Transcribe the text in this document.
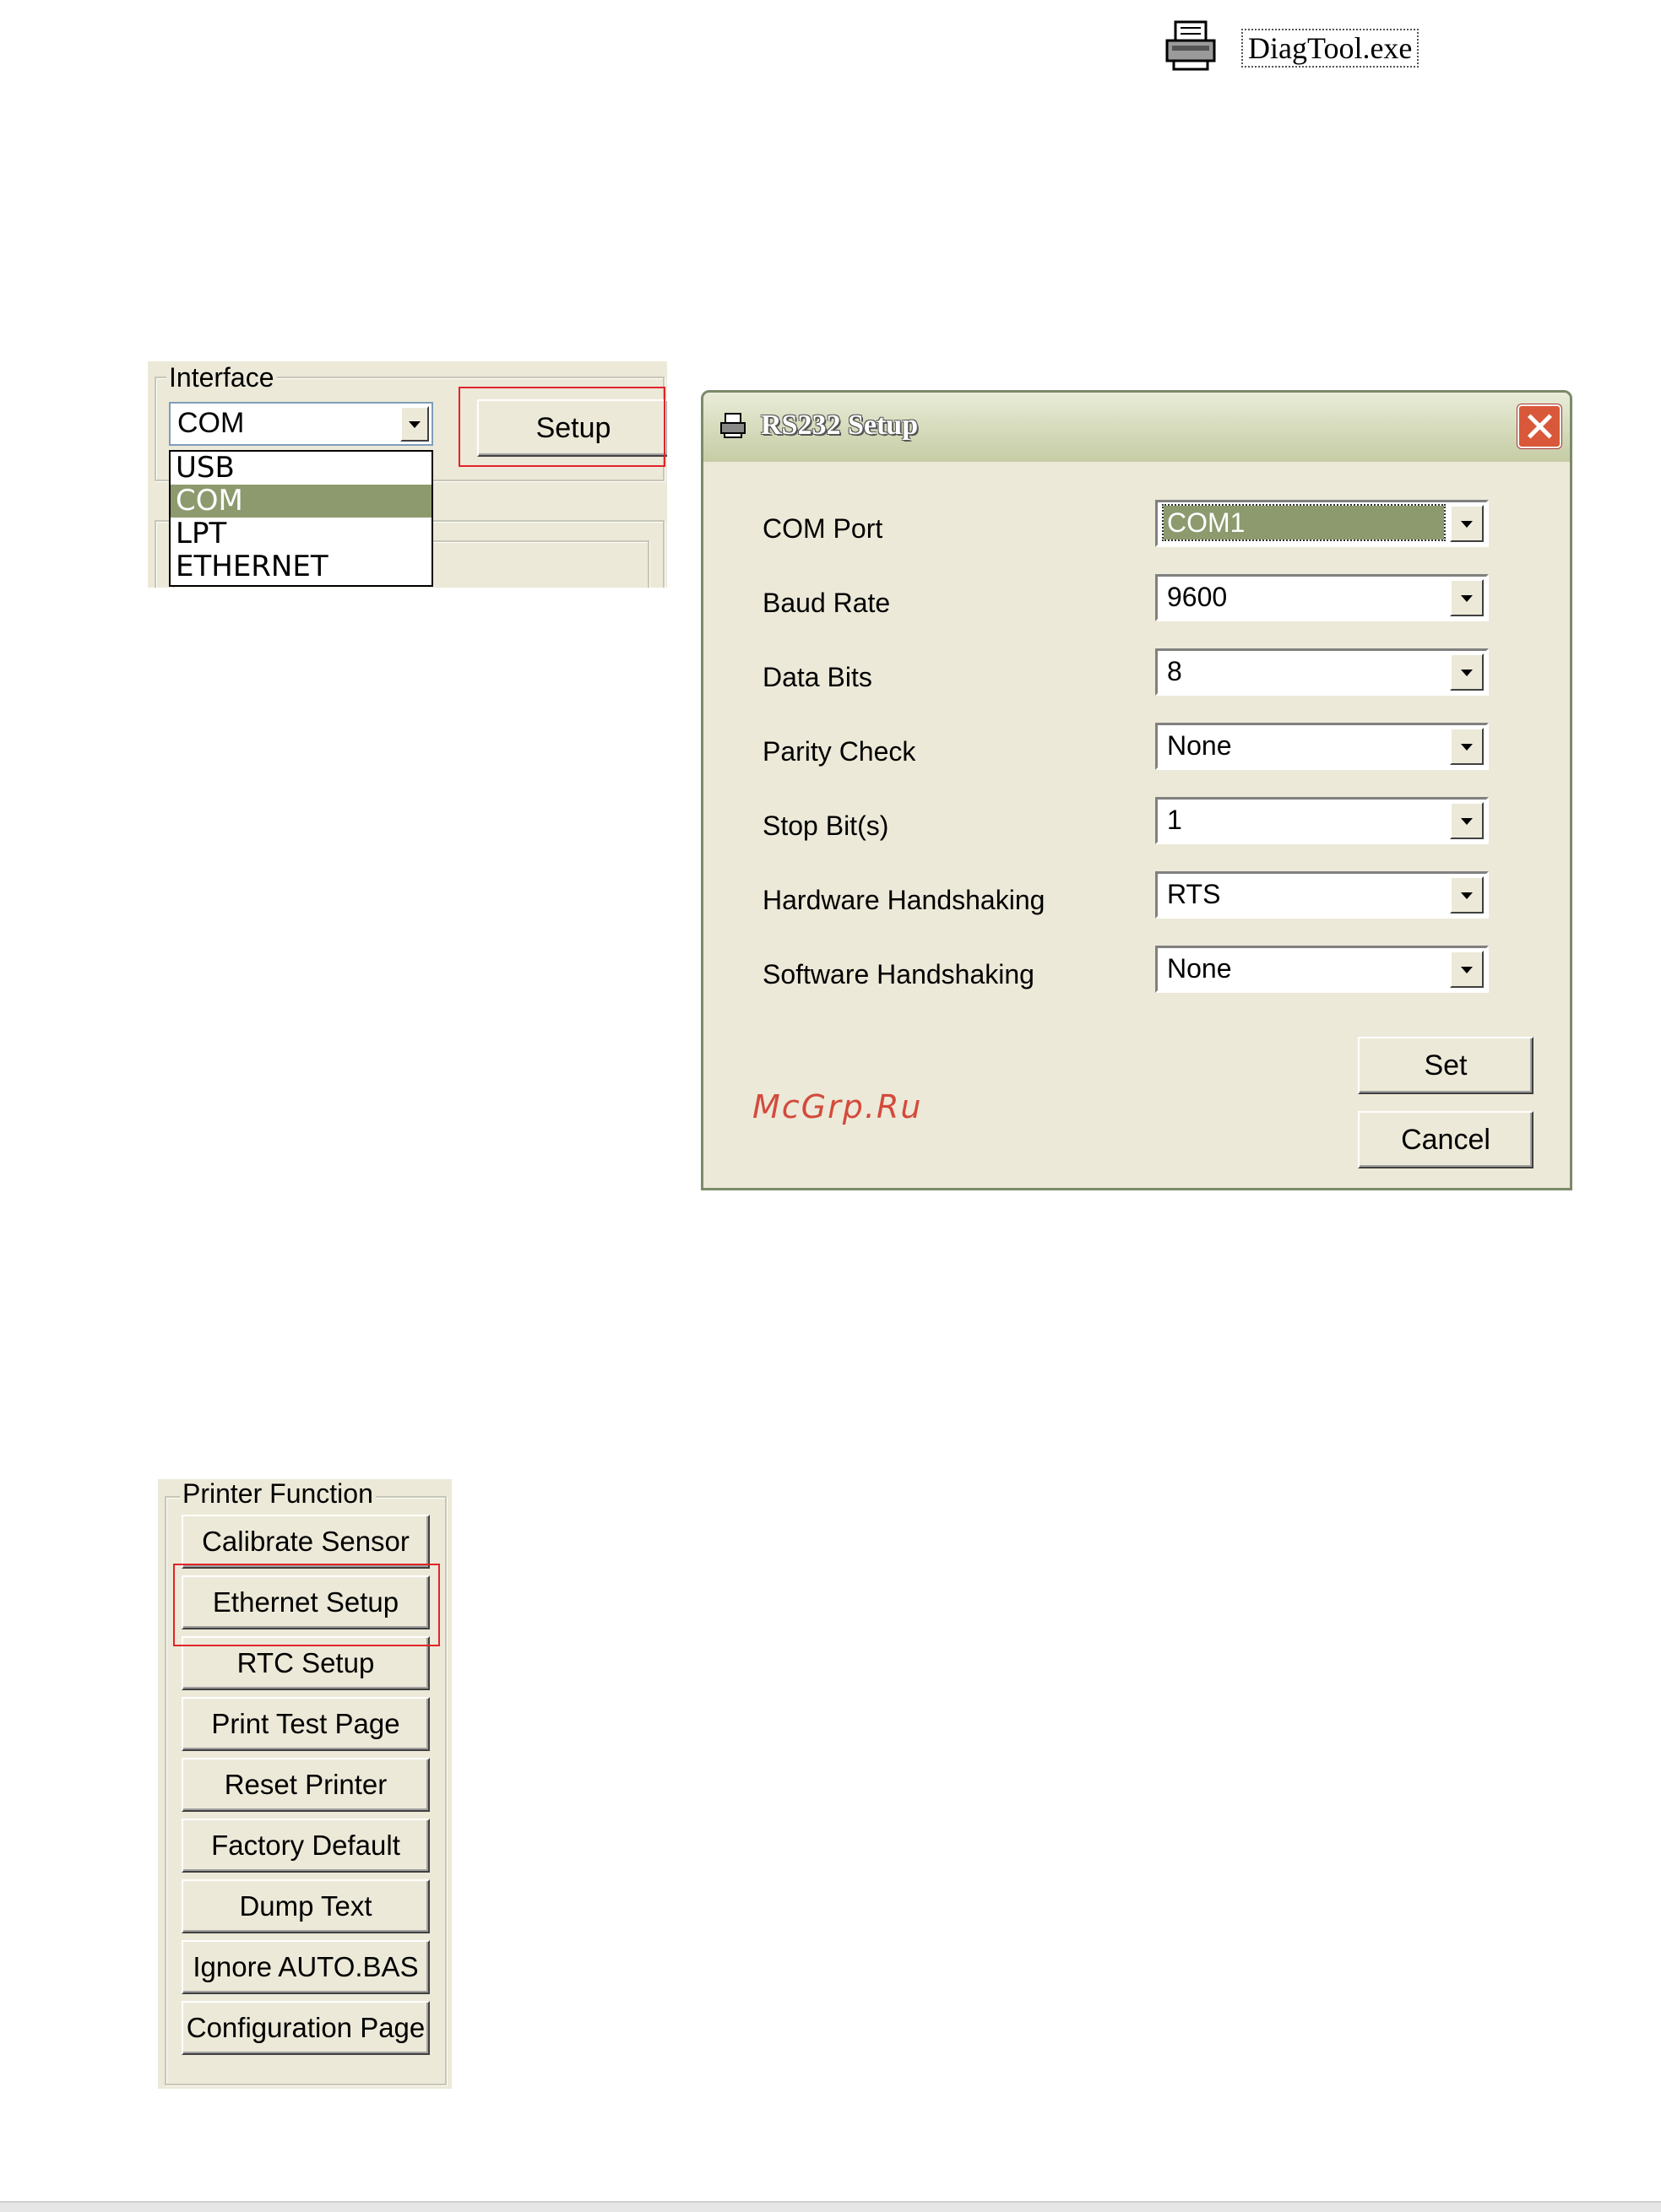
DiagTool.exe
Interface
COM	Setup
USB
COM
LPT
ETHERNET
RS232 Setup
COM Port	COM1
Baud Rate	9600
Data Bits	8
Parity Check	None
Stop Bit(s)	1
Hardware Handshaking	RTS
Software Handshaking	None
Set
Cancel
McGrp.Ru
Printer Function
Calibrate Sensor
Ethernet Setup
RTC Setup
Print Test Page
Reset Printer
Factory Default
Dump Text
Ignore AUTO.BAS
Configuration Page
